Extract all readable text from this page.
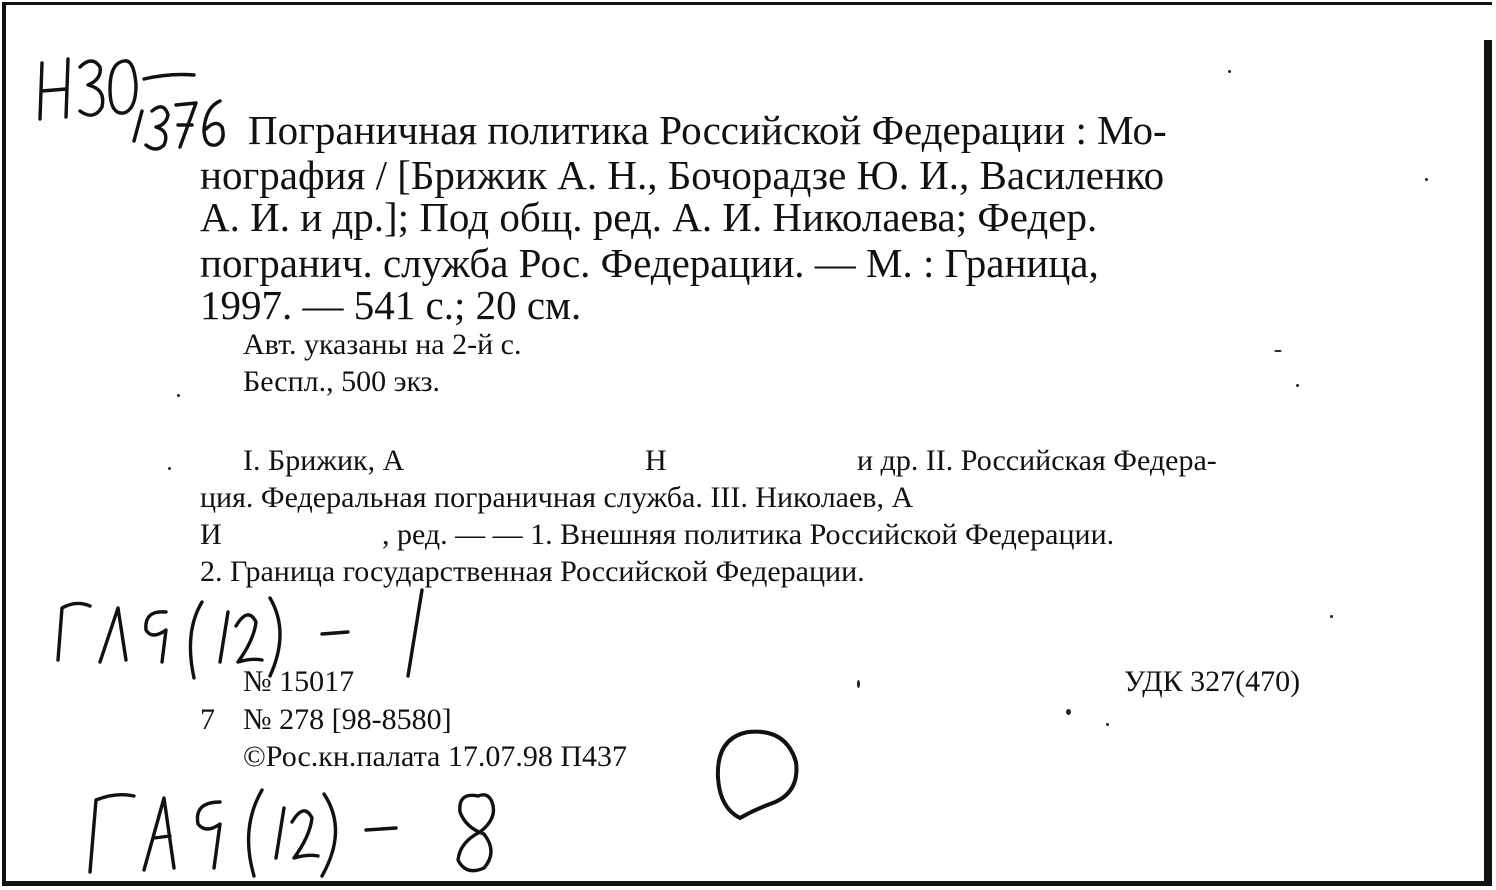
Пограничная политика Российской Федерации : Мо-

нография / [Брижик А. Н., Бочорадзе Ю. И., Василенко

А. И. и др.]; Под общ. ред. А. И. Николаева; Федер.

погранич. служба Рос. Федерации. — М. : Граница,

1997. — 541 с.; 20 см.

Авт. указаны на 2-й с.

Беспл., 500 экз.

I. Брижик, А	Н	и др. II. Российская Федера-

ция. Федеральная пограничная служба. III. Николаев, А

И	, ред. — — 1. Внешняя политика Российской Федерации.

2. Граница государственная Российской Федерации.

№ 15017	УДК 327(470)

7 № 278 [98-8580]

©Рос.кн.палата 17.07.98 П437
